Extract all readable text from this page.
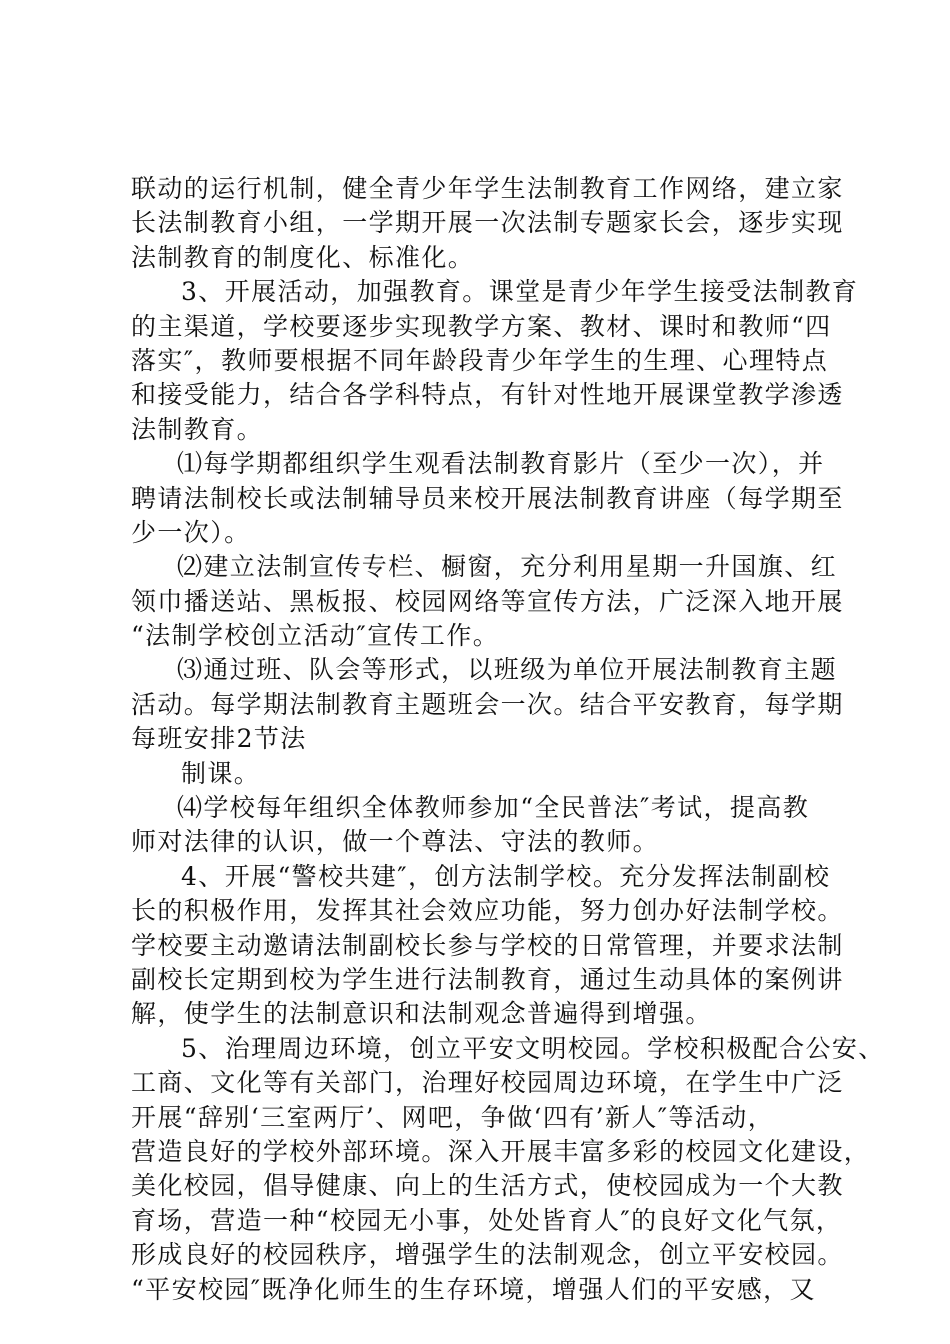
联动的运行机制，健全青少年学生法制教育工作网络，建立家
长法制教育小组，一学期开展一次法制专题家长会，逐步实现
法制教育的制度化、标准化。
3、开展活动，加强教育。课堂是青少年学生接受法制教育
的主渠道，学校要逐步实现教学方案、教材、课时和教师“四
落实″，教师要根据不同年龄段青少年学生的生理、心理特点
和接受能力，结合各学科特点，有针对性地开展课堂教学渗透
法制教育。
⑴每学期都组织学生观看法制教育影片（至少一次），并
聘请法制校长或法制辅导员来校开展法制教育讲座（每学期至
少一次）。
⑵建立法制宣传专栏、橱窗，充分利用星期一升国旗、红
领巾播送站、黑板报、校园网络等宣传方法，广泛深入地开展
“法制学校创立活动″宣传工作。
⑶通过班、队会等形式，以班级为单位开展法制教育主题
活动。每学期法制教育主题班会一次。结合平安教育，每学期
每班安排2节法
制课。
⑷学校每年组织全体教师参加“全民普法″考试，提高教
师对法律的认识，做一个尊法、守法的教师。
4、开展“警校共建″，创方法制学校。充分发挥法制副校
长的积极作用，发挥其社会效应功能，努力创办好法制学校。
学校要主动邀请法制副校长参与学校的日常管理，并要求法制
副校长定期到校为学生进行法制教育，通过生动具体的案例讲
解，使学生的法制意识和法制观念普遍得到增强。
5、治理周边环境，创立平安文明校园。学校积极配合公安、
工商、文化等有关部门，治理好校园周边环境，在学生中广泛
开展“辞别‘三室两厅’、网吧，争做‘四有’新人″等活动，
营造良好的学校外部环境。深入开展丰富多彩的校园文化建设，
美化校园，倡导健康、向上的生活方式，使校园成为一个大教
育场，营造一种“校园无小事，处处皆育人″的良好文化气氛，
形成良好的校园秩序，增强学生的法制观念，创立平安校园。
“平安校园″既净化师生的生存环境，增强人们的平安感，又
